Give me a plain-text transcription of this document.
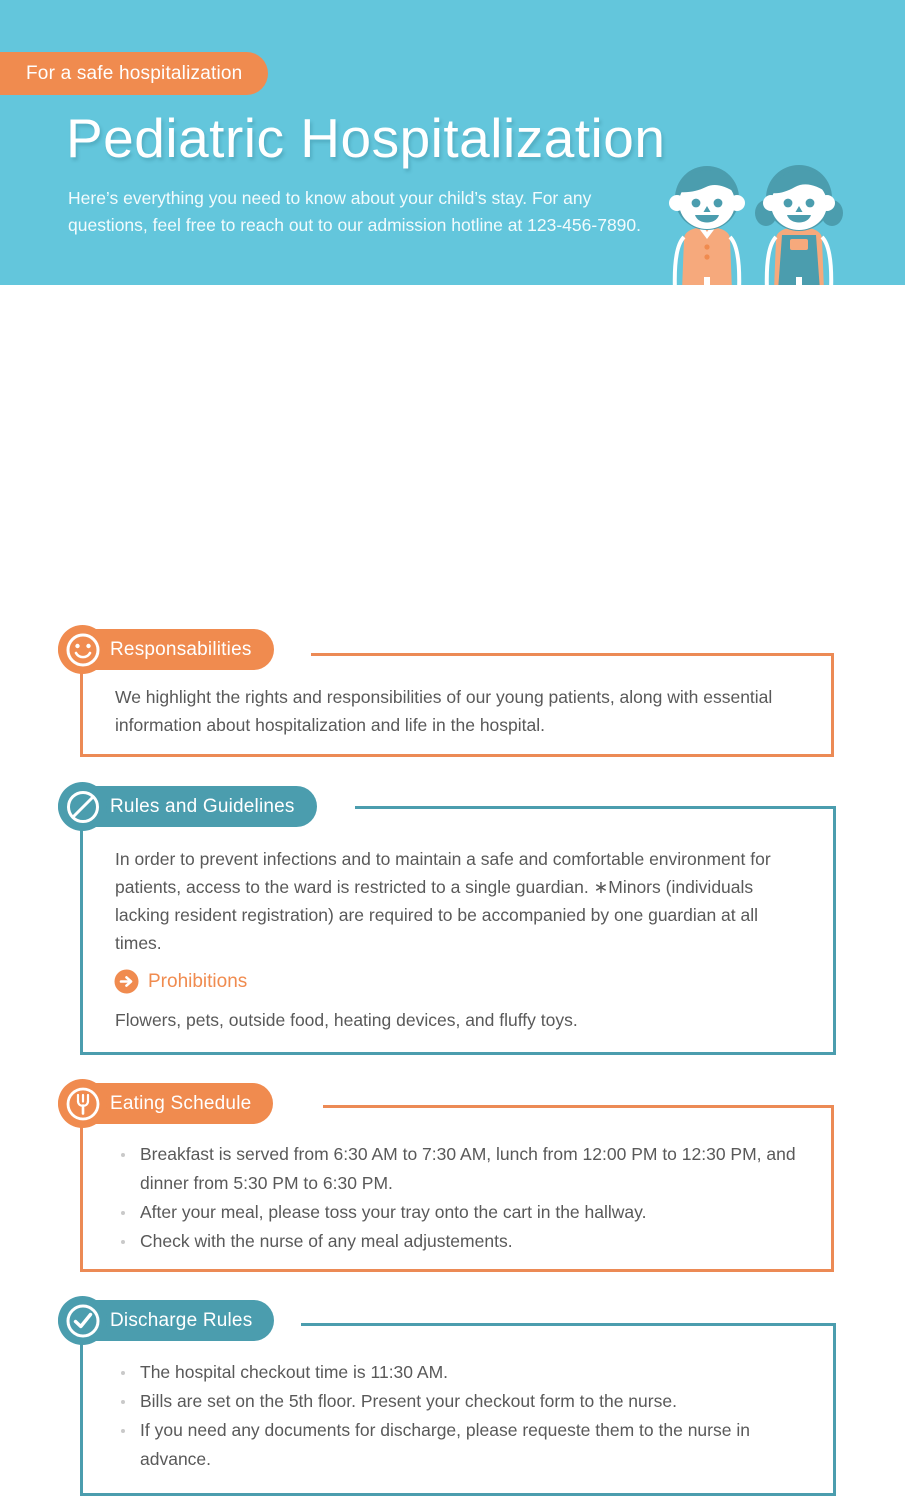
For a safe hospitalization
Pediatric Hospitalization
Here’s everything you need to know about your child’s stay. For any questions, feel free to reach out to our admission hotline at 123-456-7890.
Responsabilities
We highlight the rights and responsibilities of our young patients, along with essential information about hospitalization and life in the hospital.
Rules and Guidelines
In order to prevent infections and to maintain a safe and comfortable environment for patients, access to the ward is restricted to a single guardian. ∗Minors (individuals lacking resident registration) are required to be accompanied by one guardian at all times.
Prohibitions
Flowers, pets, outside food, heating devices, and fluffy toys.
Eating Schedule
Breakfast is served from 6:30 AM to 7:30 AM, lunch from 12:00 PM to 12:30 PM, and dinner from 5:30 PM to 6:30 PM.
After your meal, please toss your tray onto the cart in the hallway.
Check with the nurse of any meal adjustements.
Discharge Rules
The hospital checkout time is 11:30 AM.
Bills are set on the 5th floor. Present your checkout form to the nurse.
If you need any documents for discharge, please requeste them to the nurse in advance.
